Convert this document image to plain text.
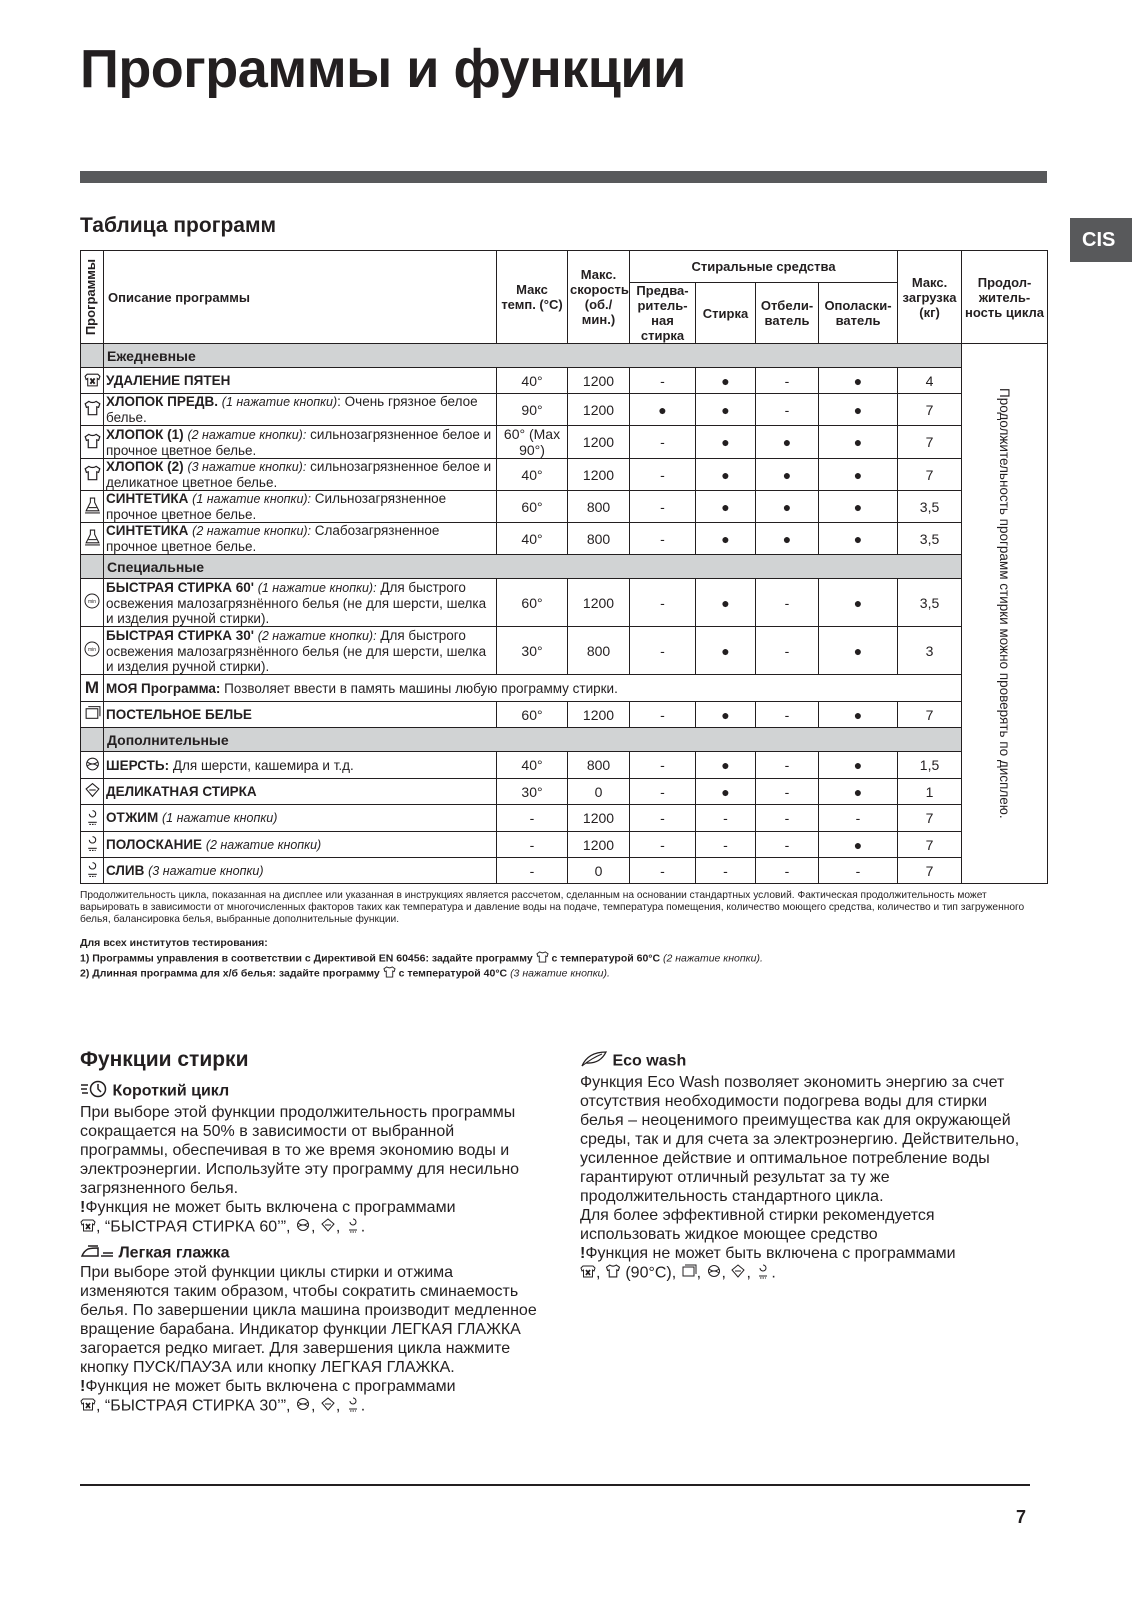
Программы и функции
CIS
Таблица программ
Программы	Описание программы	Макс темп. (°C)	Макс. скорость (об./ мин.)	Стиральные средства				Макс. загрузка (кг)	Продол-житель-ность цикла
				Предва-ритель-ная стирка	Стирка	Отбели-ватель	Ополаски-ватель		
	Ежедневные								Продолжительность программ стирки можно проверять по дисплею.

	УДАЛЕНИЕ ПЯТЕН	40°	1200	-	●	-	●	4	
	ХЛОПОК ПРЕДВ. (1 нажатие кнопки): Очень грязное белое белье.	90°	1200	●	●	-	●	7	
	ХЛОПОК (1) (2 нажатие кнопки): сильнозагрязненное белое и прочное цветное белье.	60° (Max 90°)	1200	-	●	●	●	7	
	ХЛОПОК (2) (3 нажатие кнопки): сильнозагрязненное белое и деликатное цветное белье.	40°	1200	-	●	●	●	7	
	СИНТЕТИКА (1 нажатие кнопки): Сильнозагрязненное прочное цветное белье.	60°	800	-	●	●	●	3,5	
	СИНТЕТИКА (2 нажатие кнопки): Слабозагрязненное прочное цветное белье.	40°	800	-	●	●	●	3,5	
	Специальные								

min	БЫСТРАЯ СТИРКА 60' (1 нажатие кнопки): Для быстрого освежения малозагрязнённого белья (не для шерсти, шелка и изделия ручной стирки).	60°	1200	-	●	-	●	3,5	

min	БЫСТРАЯ СТИРКА 30' (2 нажатие кнопки): Для быстрого освежения малозагрязнённого белья (не для шерсти, шелка и изделия ручной стирки).	30°	800	-	●	-	●	3	
M	МОЯ Программа: Позволяет ввести в память машины любую программу стирки.								
	ПОСТЕЛЬНОЕ БЕЛЬЕ	60°	1200	-	●	-	●	7	
	Дополнительные								
	ШЕРСТЬ: Для шерсти, кашемира и т.д.	40°	800	-	●	-	●	1,5	
	ДЕЛИКАТНАЯ СТИРКА	30°	0	-	●	-	●	1	
	ОТЖИМ (1 нажатие кнопки)	-	1200	-	-	-	-	7	
	ПОЛОСКАНИЕ (2 нажатие кнопки)	-	1200	-	-	-	●	7	
	СЛИВ (3 нажатие кнопки)	-	0	-	-	-	-	7	

Продолжительность цикла, показанная на дисплее или указанная в инструкциях является рассчетом, сделанным на основании стандартных условий. Фактическая продолжительность может варьировать в зависимости от многочисленных факторов таких как температура и давление воды на подаче, температура помещения, количество моющего средства, количество и тип загруженного белья, балансировка белья, выбранные дополнительные функции.

Для всех институтов тестирования:

1) Программы управления в соответствии с Директивой EN 60456: задайте программу с температурой 60°C (2 нажатие кнопки).

2) Длинная программа для х/б белья: задайте программу с температурой 40°C (3 нажатие кнопки).

Функции стирки

Короткий цикл

При выборе этой функции продолжительность программы сокращается на 50% в зависимости от выбранной программы, обеспечивая в то же время экономию воды и электроэнергии. Используйте эту программу для несильно загрязненного белья.

!Функция не может быть включена с программами

, “БЫСТРАЯ СТИРКА 60’”, , , .

Легкая глажка

При выборе этой функции циклы стирки и отжима изменяются таким образом, чтобы сократить сминаемость белья. По завершении цикла машина производит медленное вращение барабана. Индикатор функции ЛЕГКАЯ ГЛАЖКА загорается редко мигает. Для завершения цикла нажмите кнопку ПУСК/ПАУЗА или кнопку ЛЕГКАЯ ГЛАЖКА.

!Функция не может быть включена с программами

, “БЫСТРАЯ СТИРКА 30’”, , , .

Eco wash

Функция Eco Wash позволяет экономить энергию за счет отсутствия необходимости подогрева воды для стирки белья – неоценимого преимущества как для окружающей среды, так и для счета за электроэнергию. Действительно, усиленное действие и оптимальное потребление воды гарантируют отличный результат за ту же продолжительность стандартного цикла.

Для более эффективной стирки рекомендуется использовать жидкое моющее средство

!Функция не может быть включена с программами

,  (90°C), , , , .

7
